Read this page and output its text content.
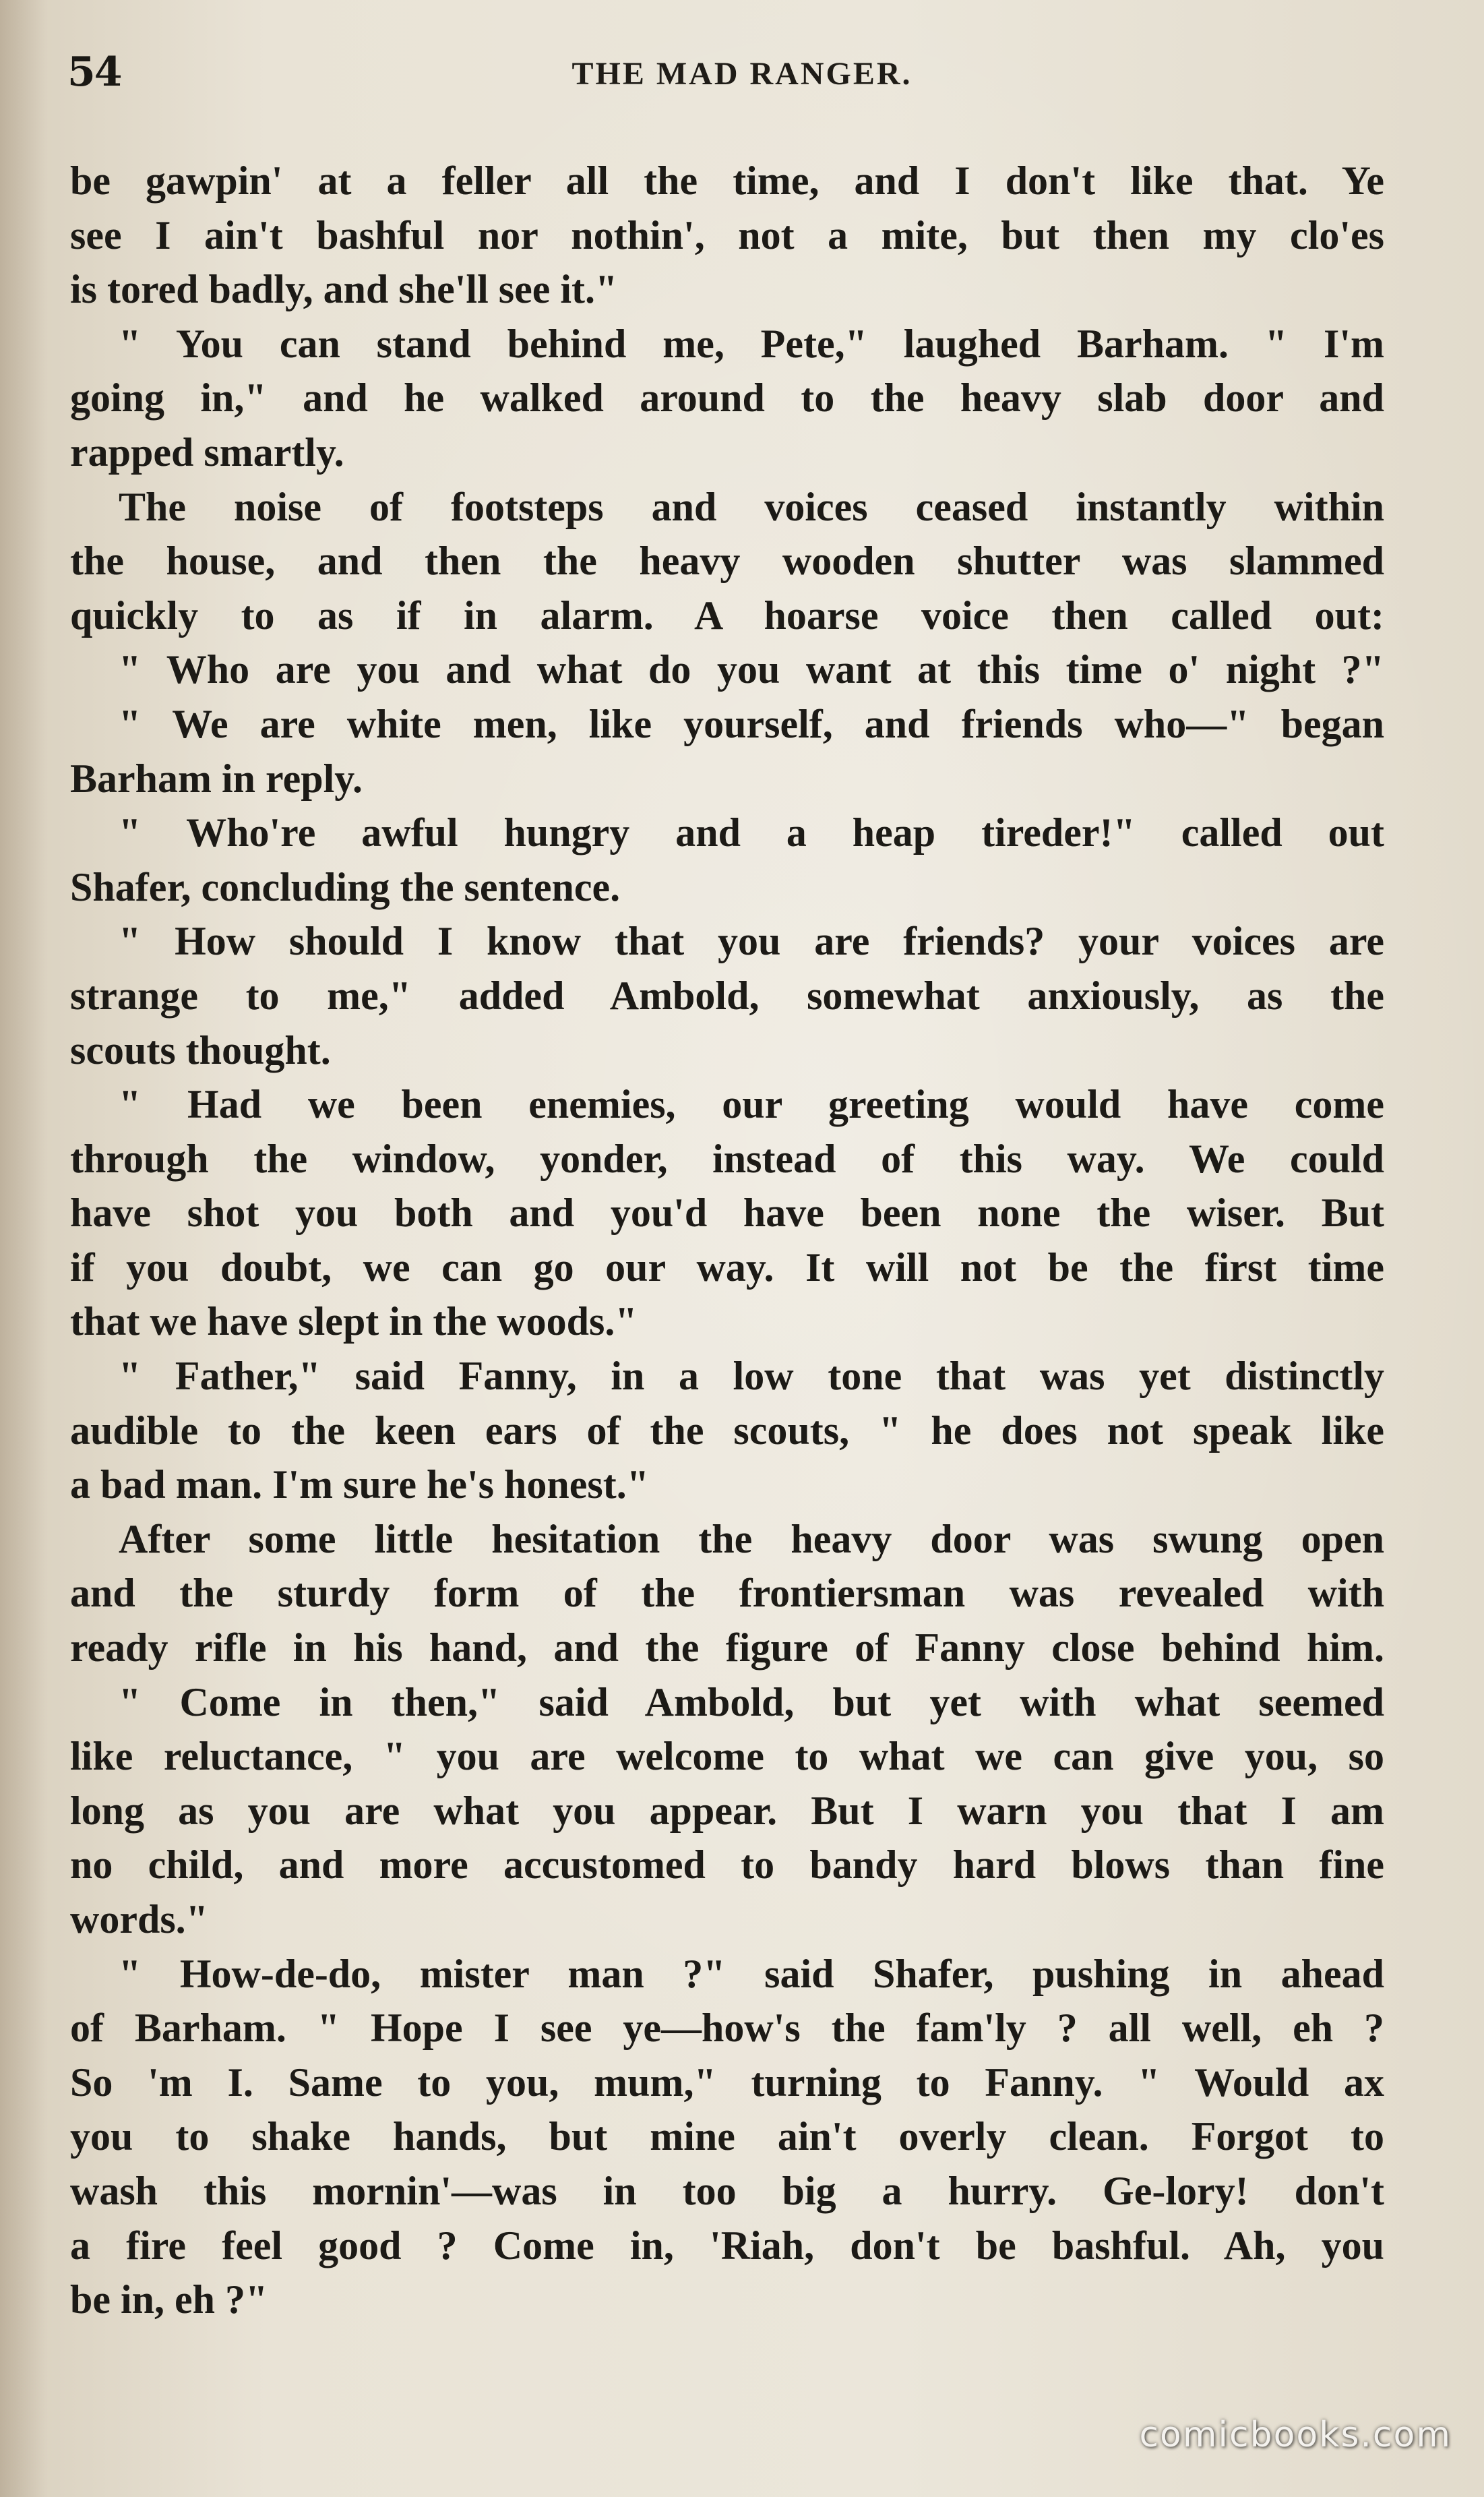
54	THE MAD RANGER.
be gawpin' at a feller all the time, and I don't like that. Ye
see I ain't bashful nor nothin', not a mite, but then my clo'es
is tored badly, and she'll see it."
" You can stand behind me, Pete," laughed Barham. " I'm
going in," and he walked around to the heavy slab door and
rapped smartly.
The noise of footsteps and voices ceased instantly within
the house, and then the heavy wooden shutter was slammed
quickly to as if in alarm. A hoarse voice then called out:
" Who are you and what do you want at this time o' night ?"
" We are white men, like yourself, and friends who—" began
Barham in reply.
" Who're awful hungry and a heap tireder!" called out
Shafer, concluding the sentence.
" How should I know that you are friends? your voices are
strange to me," added Ambold, somewhat anxiously, as the
scouts thought.
" Had we been enemies, our greeting would have come
through the window, yonder, instead of this way. We could
have shot you both and you'd have been none the wiser. But
if you doubt, we can go our way. It will not be the first time
that we have slept in the woods."
" Father," said Fanny, in a low tone that was yet distinctly
audible to the keen ears of the scouts, " he does not speak like
a bad man. I'm sure he's honest."
After some little hesitation the heavy door was swung open
and the sturdy form of the frontiersman was revealed with
ready rifle in his hand, and the figure of Fanny close behind him.
" Come in then," said Ambold, but yet with what seemed
like reluctance, " you are welcome to what we can give you, so
long as you are what you appear. But I warn you that I am
no child, and more accustomed to bandy hard blows than fine
words."
" How-de-do, mister man ?" said Shafer, pushing in ahead
of Barham. " Hope I see ye—how's the fam'ly ? all well, eh ?
So 'm I. Same to you, mum," turning to Fanny. " Would ax
you to shake hands, but mine ain't overly clean. Forgot to
wash this mornin'—was in too big a hurry. Ge-lory! don't
a fire feel good ? Come in, 'Riah, don't be bashful. Ah, you
be in, eh ?"
comicbooks.com
